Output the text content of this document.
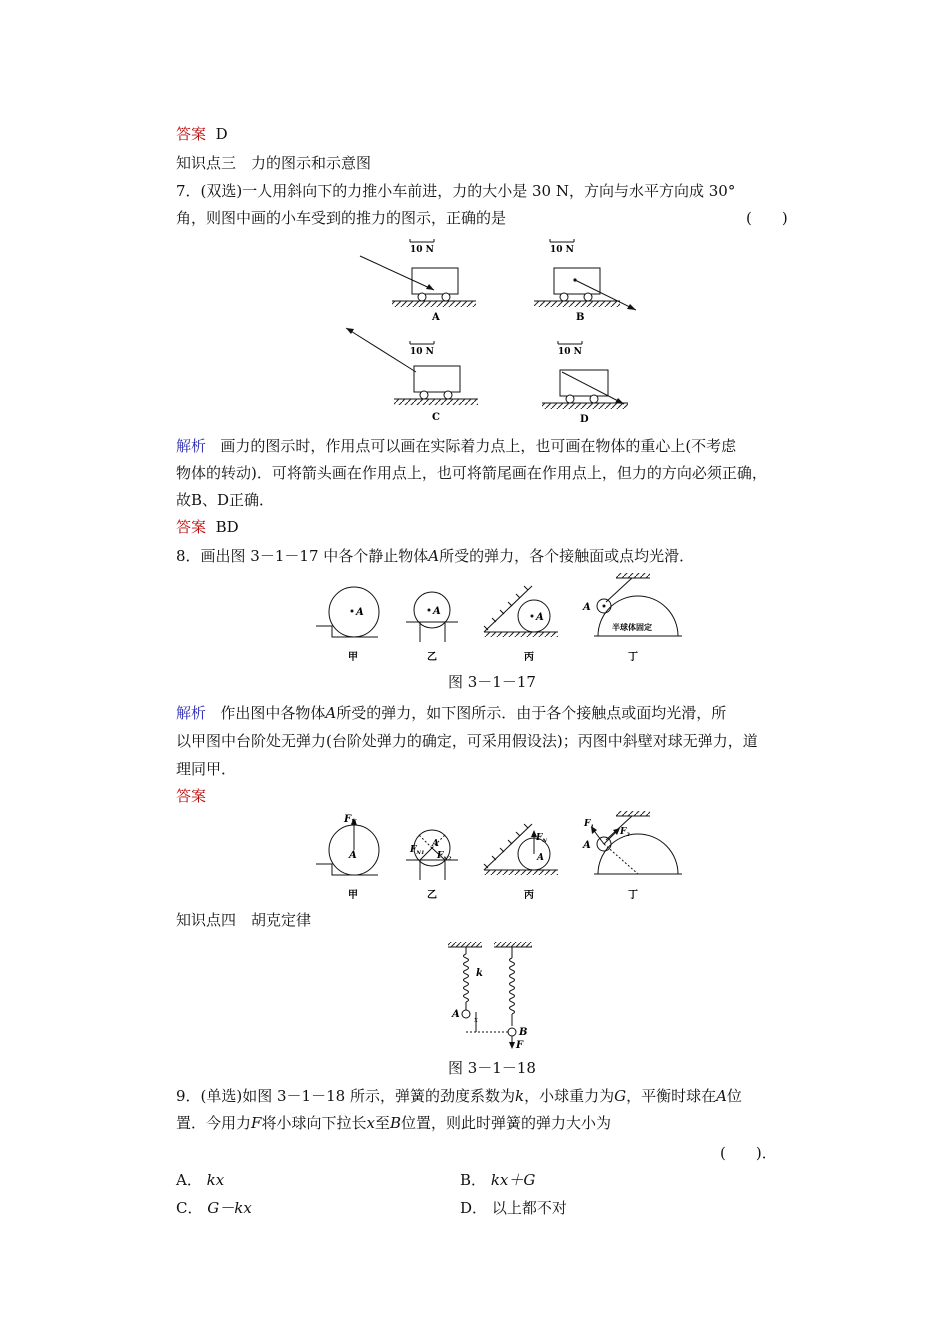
答案 D
知识点三　力的图示和示意图
7．(双选)一人用斜向下的力推小车前进，力的大小是 30 N，方向与水平方向成 30°
角，则图中画的小车受到的推力的图示，正确的是	(　　)
10 N
A
10 N
B
10 N
C
10 N
D
解析 画力的图示时，作用点可以画在实际着力点上，也可画在物体的重心上(不考虑
物体的转动)．可将箭头画在作用点上，也可将箭尾画在作用点上，但力的方向必须正确，
故B、D正确．
答案 BD
8．画出图 3－1－17 中各个静止物体A所受的弹力，各个接触面或点均光滑．
A
甲
A
乙
A
丙
A
半球体固定
丁
图 3－1－17
解析 作出图中各物体A所受的弹力，如下图所示．由于各个接触点或面均光滑，所
以甲图中台阶处无弹力(台阶处弹力的确定，可采用假设法)；丙图中斜壁对球无弹力，道
理同甲．
答案
$F_N$
A
甲
$F_{N1}$ $F_{N2}$
A
乙
$F_N$
A
丙
$F_1$	$F_2$
A
丁
知识点四　胡克定律
k
A x
B
F
图 3－1－18
9．(单选)如图 3－1－18 所示，弹簧的劲度系数为k，小球重力为G，平衡时球在A位
置．今用力F将小球向下拉长x至B位置，则此时弹簧的弹力大小为
(　　)．
A． kx	B． kx＋G
C． G－kx	D． 以上都不对
